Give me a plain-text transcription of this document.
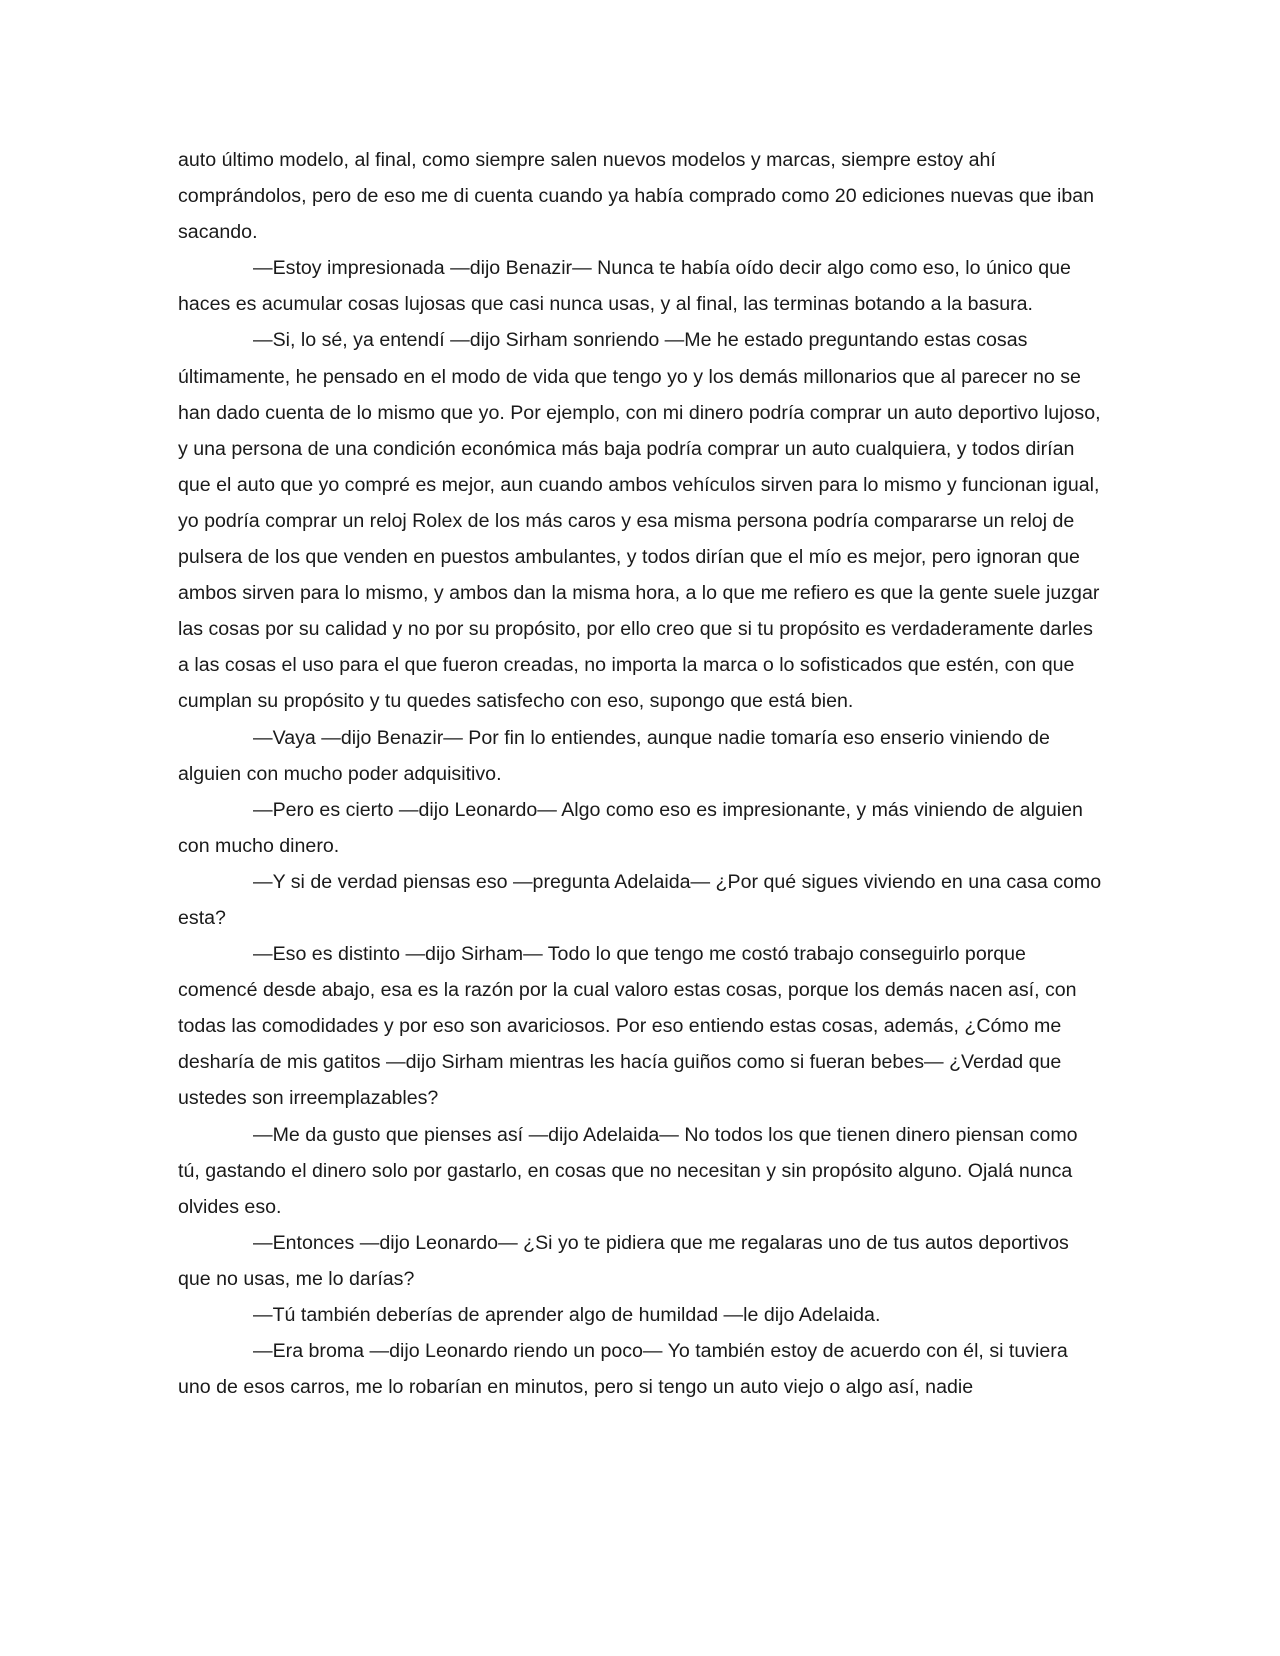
auto último modelo, al final, como siempre salen nuevos modelos y marcas, siempre estoy ahí comprándolos, pero de eso me di cuenta cuando ya había comprado como 20 ediciones nuevas que iban sacando.

—Estoy impresionada —dijo Benazir— Nunca te había oído decir algo como eso, lo único que haces es acumular cosas lujosas que casi nunca usas, y al final, las terminas botando a la basura.

—Si, lo sé, ya entendí —dijo Sirham sonriendo —Me he estado preguntando estas cosas últimamente, he pensado en el modo de vida que tengo yo y los demás millonarios que al parecer no se han dado cuenta de lo mismo que yo. Por ejemplo, con mi dinero podría comprar un auto deportivo lujoso, y una persona de una condición económica más baja podría comprar un auto cualquiera, y todos dirían que el auto que yo compré es mejor, aun cuando ambos vehículos sirven para lo mismo y funcionan igual, yo podría comprar un reloj Rolex de los más caros y esa misma persona podría compararse un reloj de pulsera de los que venden en puestos ambulantes, y todos dirían que el mío es mejor, pero ignoran que ambos sirven para lo mismo, y ambos dan la misma hora, a lo que me refiero es que la gente suele juzgar las cosas por su calidad y no por su propósito, por ello creo que si tu propósito es verdaderamente darles a las cosas el uso para el que fueron creadas, no importa la marca o lo sofisticados que estén, con que cumplan su propósito y tu quedes satisfecho con eso, supongo que está bien.

—Vaya —dijo Benazir— Por fin lo entiendes, aunque nadie tomaría eso enserio viniendo de alguien con mucho poder adquisitivo.

—Pero es cierto —dijo Leonardo— Algo como eso es impresionante, y más viniendo de alguien con mucho dinero.

—Y si de verdad piensas eso —pregunta Adelaida— ¿Por qué sigues viviendo en una casa como esta?

—Eso es distinto —dijo Sirham— Todo lo que tengo me costó trabajo conseguirlo porque comencé desde abajo, esa es la razón por la cual valoro estas cosas, porque los demás nacen así, con todas las comodidades y por eso son avariciosos. Por eso entiendo estas cosas, además, ¿Cómo me desharía de mis gatitos —dijo Sirham mientras les hacía guiños como si fueran bebes— ¿Verdad que ustedes son irreemplazables?

—Me da gusto que pienses así —dijo Adelaida— No todos los que tienen dinero piensan como tú, gastando el dinero solo por gastarlo, en cosas que no necesitan y sin propósito alguno. Ojalá nunca olvides eso.

—Entonces —dijo Leonardo— ¿Si yo te pidiera que me regalaras uno de tus autos deportivos que no usas, me lo darías?

—Tú también deberías de aprender algo de humildad —le dijo Adelaida.

—Era broma —dijo Leonardo riendo un poco— Yo también estoy de acuerdo con él, si tuviera uno de esos carros, me lo robarían en minutos, pero si tengo un auto viejo o algo así, nadie
